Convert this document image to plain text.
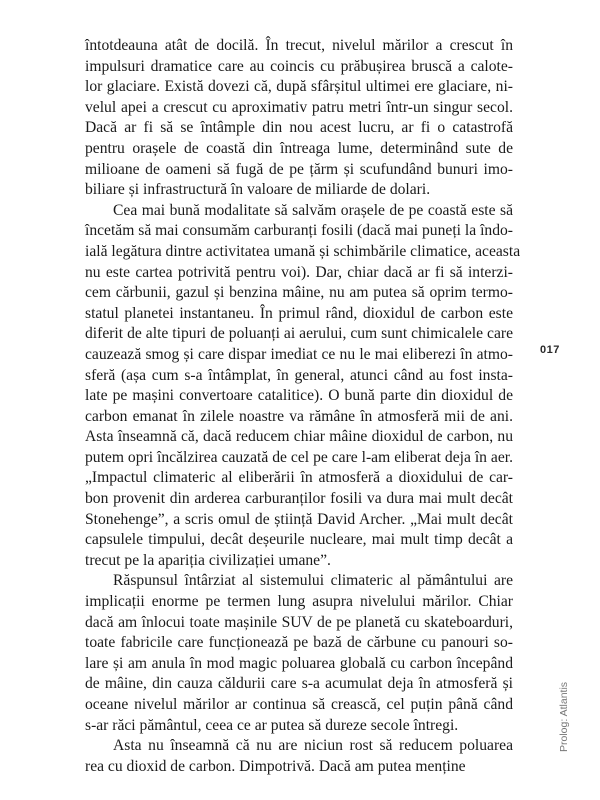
întotdeauna atât de docilă. În trecut, nivelul mărilor a crescut în
impulsuri dramatice care au coincis cu prăbușirea bruscă a calote-
lor glaciare. Există dovezi că, după sfârșitul ultimei ere glaciare, ni-
velul apei a crescut cu aproximativ patru metri într-un singur secol.
Dacă ar fi să se întâmple din nou acest lucru, ar fi o catastrofă
pentru orașele de coastă din întreaga lume, determinând sute de
milioane de oameni să fugă de pe țărm și scufundând bunuri imo-
biliare și infrastructură în valoare de miliarde de dolari.
Cea mai bună modalitate să salvăm orașele de pe coastă este să
încetăm să mai consumăm carburanți fosili (dacă mai puneți la îndo-
ială legătura dintre activitatea umană și schimbările climatice, aceasta
nu este cartea potrivită pentru voi). Dar, chiar dacă ar fi să interzi-
cem cărbunii, gazul și benzina mâine, nu am putea să oprim termo-
statul planetei instantaneu. În primul rând, dioxidul de carbon este
diferit de alte tipuri de poluanți ai aerului, cum sunt chimicalele care
cauzează smog și care dispar imediat ce nu le mai eliberezi în atmo-
sferă (așa cum s-a întâmplat, în general, atunci când au fost insta-
late pe mașini convertoare catalitice). O bună parte din dioxidul de
carbon emanat în zilele noastre va rămâne în atmosferă mii de ani.
Asta înseamnă că, dacă reducem chiar mâine dioxidul de carbon, nu
putem opri încălzirea cauzată de cel pe care l-am eliberat deja în aer.
„Impactul climateric al eliberării în atmosferă a dioxidului de car-
bon provenit din arderea carburanților fosili va dura mai mult decât
Stonehenge”, a scris omul de știință David Archer. „Mai mult decât
capsulele timpului, decât deșeurile nucleare, mai mult timp decât a
trecut pe la apariția civilizației umane”.
Răspunsul întârziat al sistemului climateric al pământului are
implicații enorme pe termen lung asupra nivelului mărilor. Chiar
dacă am înlocui toate mașinile SUV de pe planetă cu skateboarduri,
toate fabricile care funcționează pe bază de cărbune cu panouri so-
lare și am anula în mod magic poluarea globală cu carbon începând
de mâine, din cauza căldurii care s-a acumulat deja în atmosferă și
oceane nivelul mărilor ar continua să crească, cel puțin până când
s-ar răci pământul, ceea ce ar putea să dureze secole întregi.
Asta nu înseamnă că nu are niciun rost să reducem poluarea
rea cu dioxid de carbon. Dimpotrivă. Dacă am putea menține
017
Prolog: Atlantis
